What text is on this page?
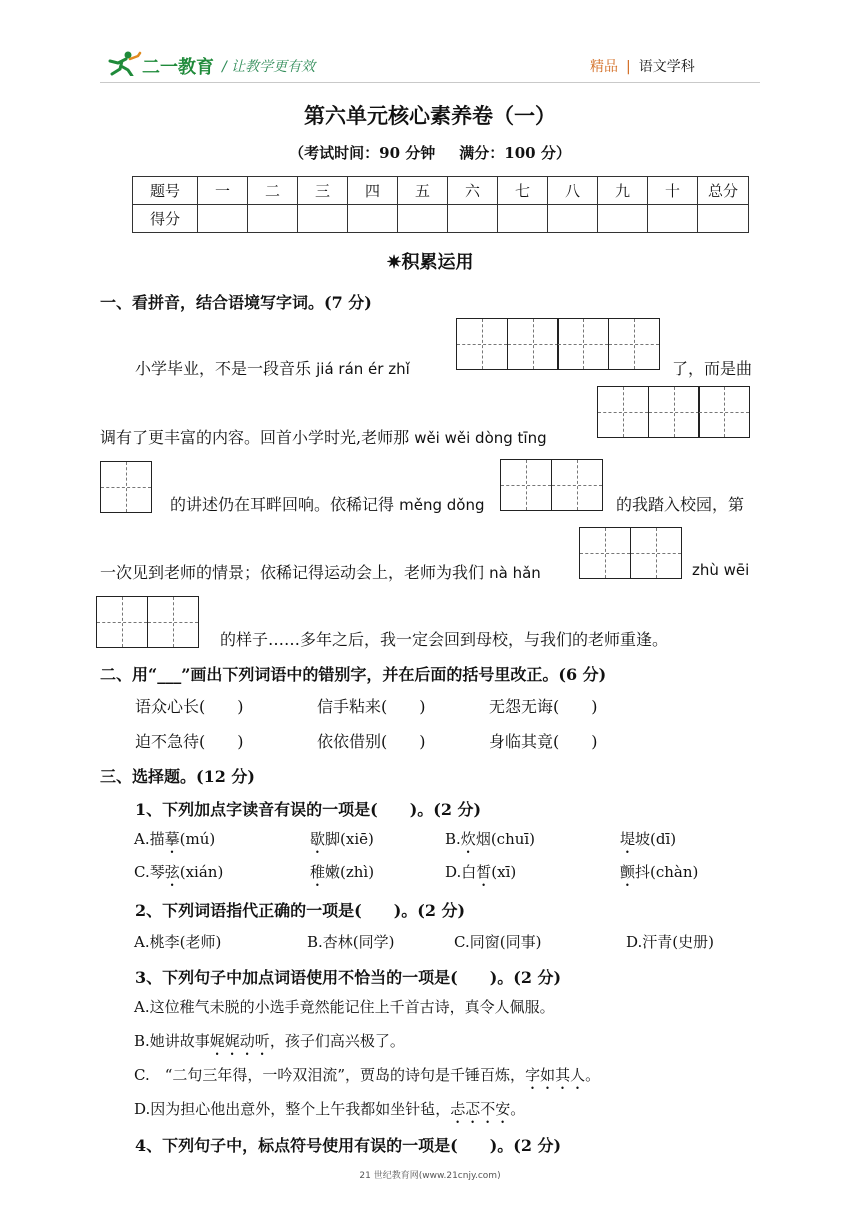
二一教育 / 让教学更有效	精品 | 语文学科
第六单元核心素养卷（一）
（考试时间：90 分钟 满分：100 分）
题号	一	二	三	四	五	六	七	八	九	十	总分
得分											
✷积累运用
一、看拼音，结合语境写字词。(7 分)
小学毕业，不是一段音乐 jiá rán ér zhǐ	了，而是曲
调有了更丰富的内容。回首小学时光,老师那 wěi wěi dòng tīng
的讲述仍在耳畔回响。依稀记得 měng dǒng	的我踏入校园，第
一次见到老师的情景；依稀记得运动会上，老师为我们 nà hǎn	zhù wēi
的样子……多年之后，我一定会回到母校，与我们的老师重逢。
二、用“___”画出下列词语中的错别字，并在后面的括号里改正。(6 分)
语众心长(　　)	信手粘来(　　)	无怨无诲(　　)
迫不急待(　　)	依依借别(　　)	身临其竟(　　)
三、选择题。(12 分)
1、下列加点字读音有误的一项是(　　)。(2 分)
A.描摹(mú)	歇脚(xiē)	B.炊烟(chuī)	堤坡(dī)
C.琴弦(xián)	稚嫩(zhì)	D.白皙(xī)	颤抖(chàn)
2、下列词语指代正确的一项是(　　)。(2 分)
A.桃李(老师)	B.杏林(同学)	C.同窗(同事)	D.汗青(史册)
3、下列句子中加点词语使用不恰当的一项是(　　)。(2 分)
A.这位稚气未脱的小选手竟然能记住上千首古诗，真令人佩服。
B.她讲故事娓娓动听，孩子们高兴极了。
C.　“二句三年得，一吟双泪流”，贾岛的诗句是千锤百炼，字如其人。
D.因为担心他出意外，整个上午我都如坐针毡，忐忑不安。
4、下列句子中，标点符号使用有误的一项是(　　)。(2 分)
21 世纪教育网(www.21cnjy.com)
